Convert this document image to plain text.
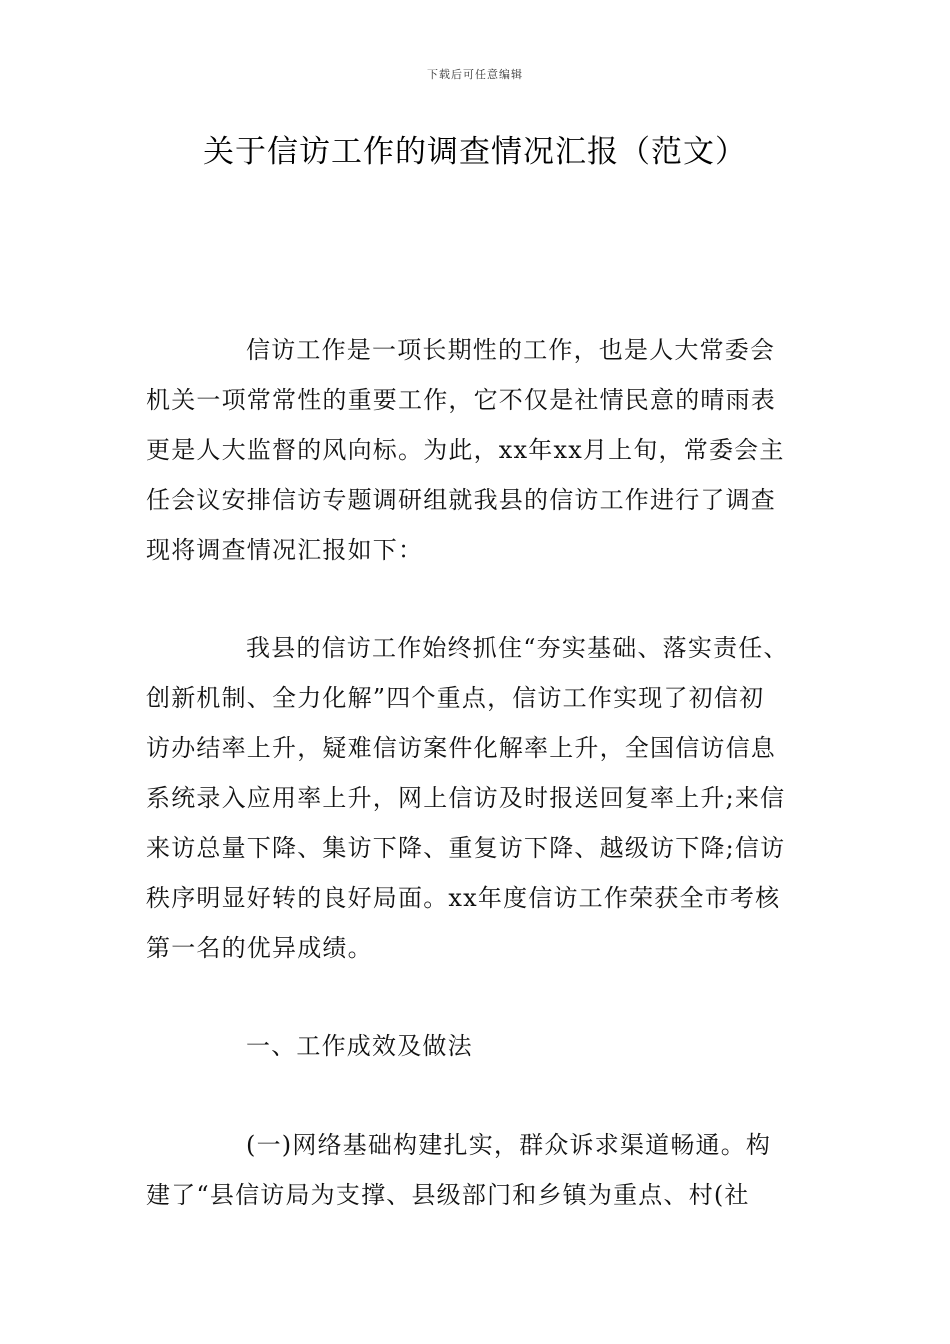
下载后可任意编辑
关于信访工作的调查情况汇报（范文）

信访工作是一项长期性的工作，也是人大常委会
机关一项常常性的重要工作，它不仅是社情民意的晴雨表
更是人大监督的风向标。为此，xx年xx月上旬，常委会主
任会议安排信访专题调研组就我县的信访工作进行了调查
现将调查情况汇报如下：

我县的信访工作始终抓住“夯实基础、落实责任、
创新机制、全力化解”四个重点，信访工作实现了初信初
访办结率上升，疑难信访案件化解率上升，全国信访信息
系统录入应用率上升，网上信访及时报送回复率上升;来信
来访总量下降、集访下降、重复访下降、越级访下降;信访
秩序明显好转的良好局面。xx年度信访工作荣获全市考核
第一名的优异成绩。

一、工作成效及做法

(一)网络基础构建扎实，群众诉求渠道畅通。构
建了“县信访局为支撑、县级部门和乡镇为重点、村(社
